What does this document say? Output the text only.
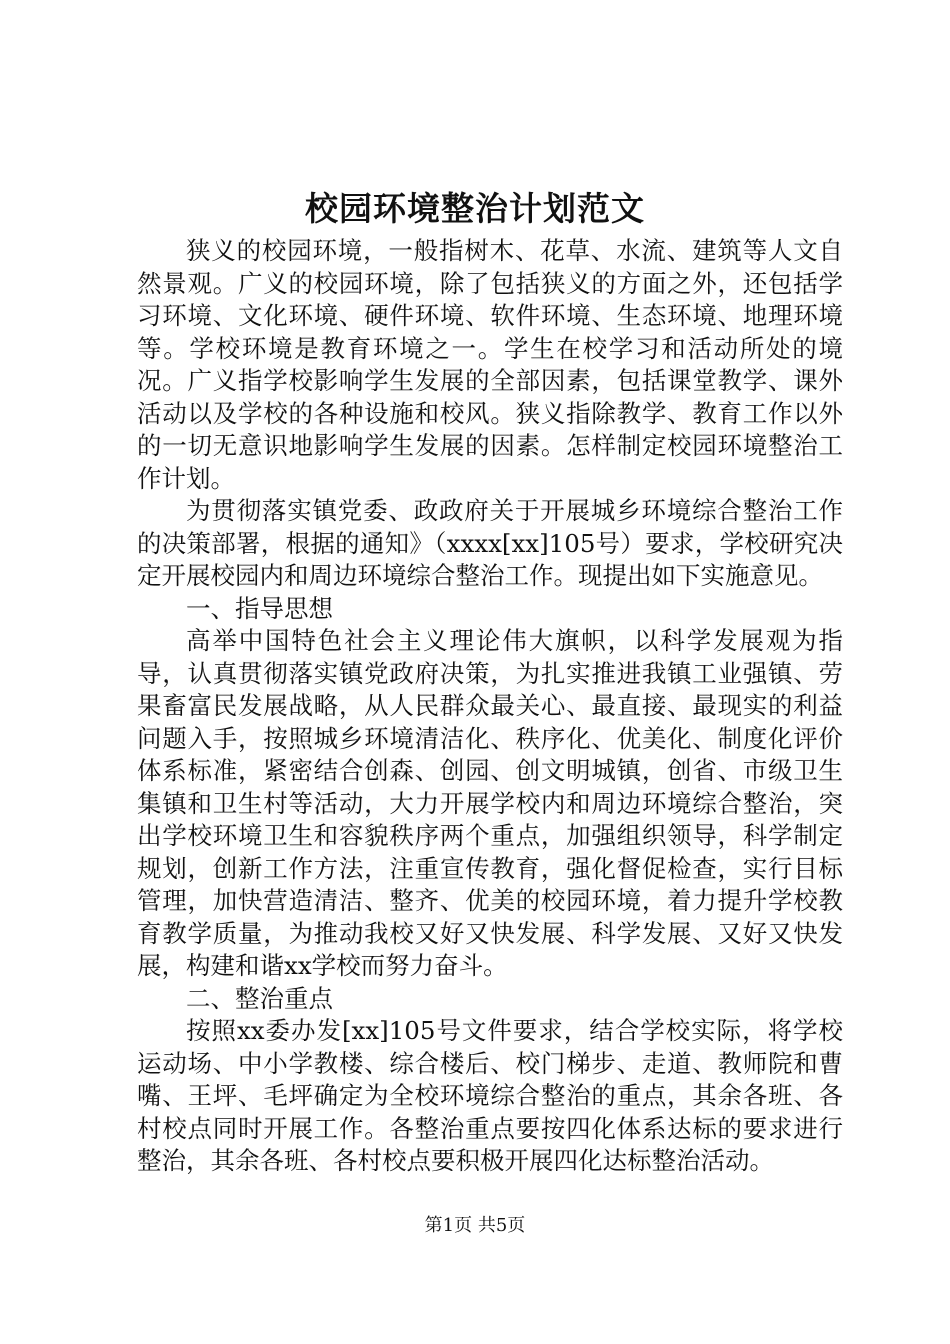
校园环境整治计划范文

狭义的校园环境，一般指树木、花草、水流、建筑等人文自然景观。广义的校园环境，除了包括狭义的方面之外，还包括学习环境、文化环境、硬件环境、软件环境、生态环境、地理环境等。学校环境是教育环境之一。学生在校学习和活动所处的境况。广义指学校影响学生发展的全部因素，包括课堂教学、课外活动以及学校的各种设施和校风。狭义指除教学、教育工作以外的一切无意识地影响学生发展的因素。怎样制定校园环境整治工作计划。

为贯彻落实镇党委、政政府关于开展城乡环境综合整治工作的决策部署，根据的通知》（xxxx[xx]105号）要求，学校研究决定开展校园内和周边环境综合整治工作。现提出如下实施意见。

一、指导思想

高举中国特色社会主义理论伟大旗帜，以科学发展观为指导，认真贯彻落实镇党政府决策，为扎实推进我镇工业强镇、劳果畜富民发展战略，从人民群众最关心、最直接、最现实的利益问题入手，按照城乡环境清洁化、秩序化、优美化、制度化评价体系标准，紧密结合创森、创园、创文明城镇，创省、市级卫生集镇和卫生村等活动，大力开展学校内和周边环境综合整治，突出学校环境卫生和容貌秩序两个重点，加强组织领导，科学制定规划，创新工作方法，注重宣传教育，强化督促检查，实行目标管理，加快营造清洁、整齐、优美的校园环境，着力提升学校教育教学质量，为推动我校又好又快发展、科学发展、又好又快发展，构建和谐xx学校而努力奋斗。

二、整治重点

按照xx委办发[xx]105号文件要求，结合学校实际，将学校运动场、中小学教楼、综合楼后、校门梯步、走道、教师院和曹嘴、王坪、毛坪确定为全校环境综合整治的重点，其余各班、各村校点同时开展工作。各整治重点要按四化体系达标的要求进行整治，其余各班、各村校点要积极开展四化达标整治活动。

第1页 共5页
